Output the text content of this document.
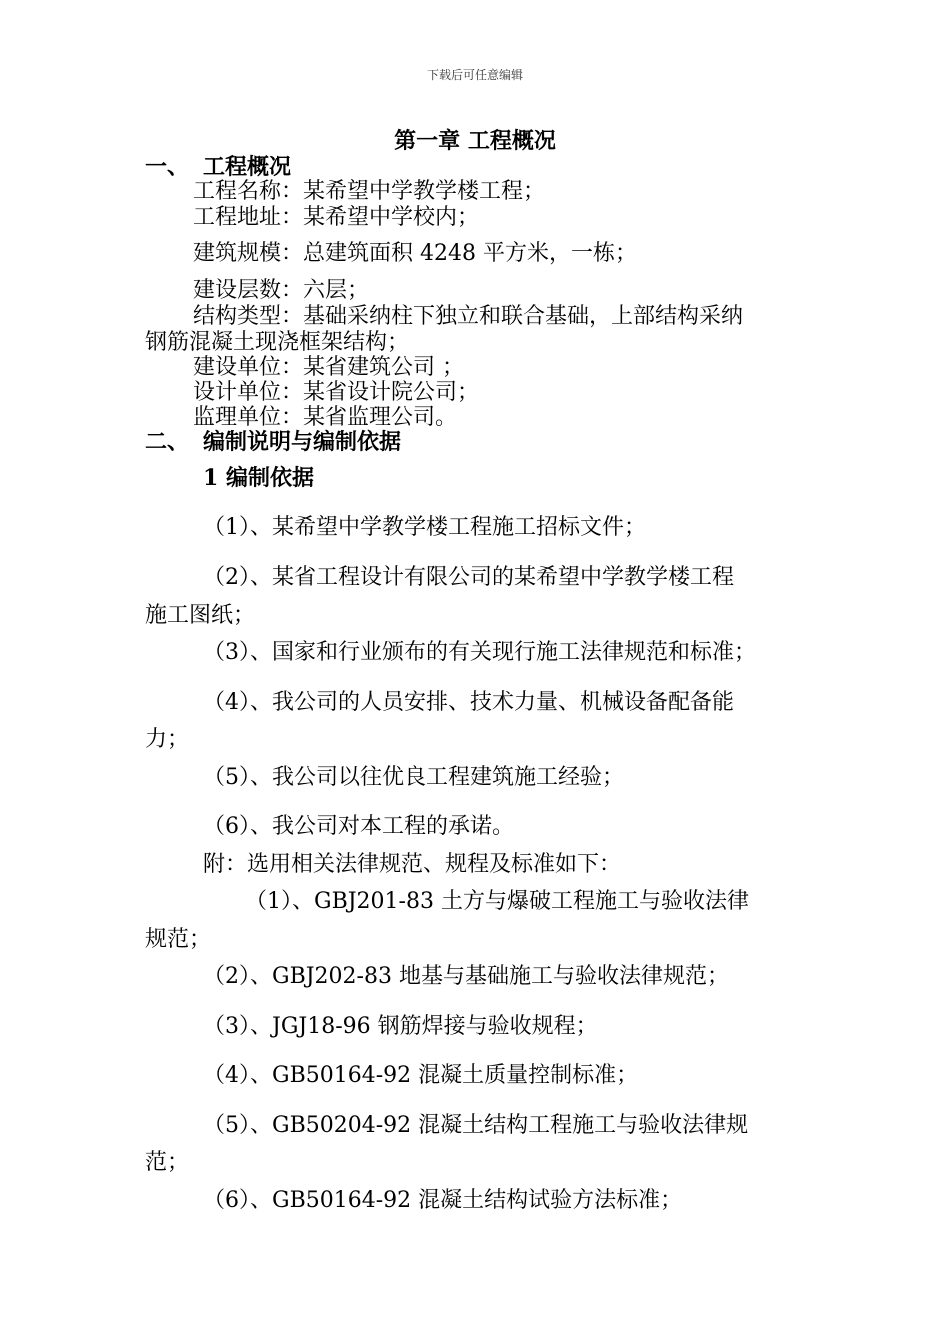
下载后可任意编辑
第一章 工程概况
一、 工程概况
工程名称：某希望中学教学楼工程；
工程地址：某希望中学校内；
建筑规模：总建筑面积 4248 平方米，一栋；
建设层数：六层；
结构类型：基础采纳柱下独立和联合基础，上部结构采纳
钢筋混凝土现浇框架结构；
建设单位：某省建筑公司 ；
设计单位：某省设计院公司；
监理单位：某省监理公司。
二、 编制说明与编制依据
1 编制依据
（1）、某希望中学教学楼工程施工招标文件；
（2）、某省工程设计有限公司的某希望中学教学楼工程
施工图纸；
（3）、国家和行业颁布的有关现行施工法律规范和标准；
（4）、我公司的人员安排、技术力量、机械设备配备能
力；
（5）、我公司以往优良工程建筑施工经验；
（6）、我公司对本工程的承诺。
附：选用相关法律规范、规程及标准如下：
（1）、GBJ201-83 土方与爆破工程施工与验收法律
规范；
（2）、GBJ202-83 地基与基础施工与验收法律规范；
（3）、JGJ18-96 钢筋焊接与验收规程；
（4）、GB50164-92 混凝土质量控制标准；
（5）、GB50204-92 混凝土结构工程施工与验收法律规
范；
（6）、GB50164-92 混凝土结构试验方法标准；
